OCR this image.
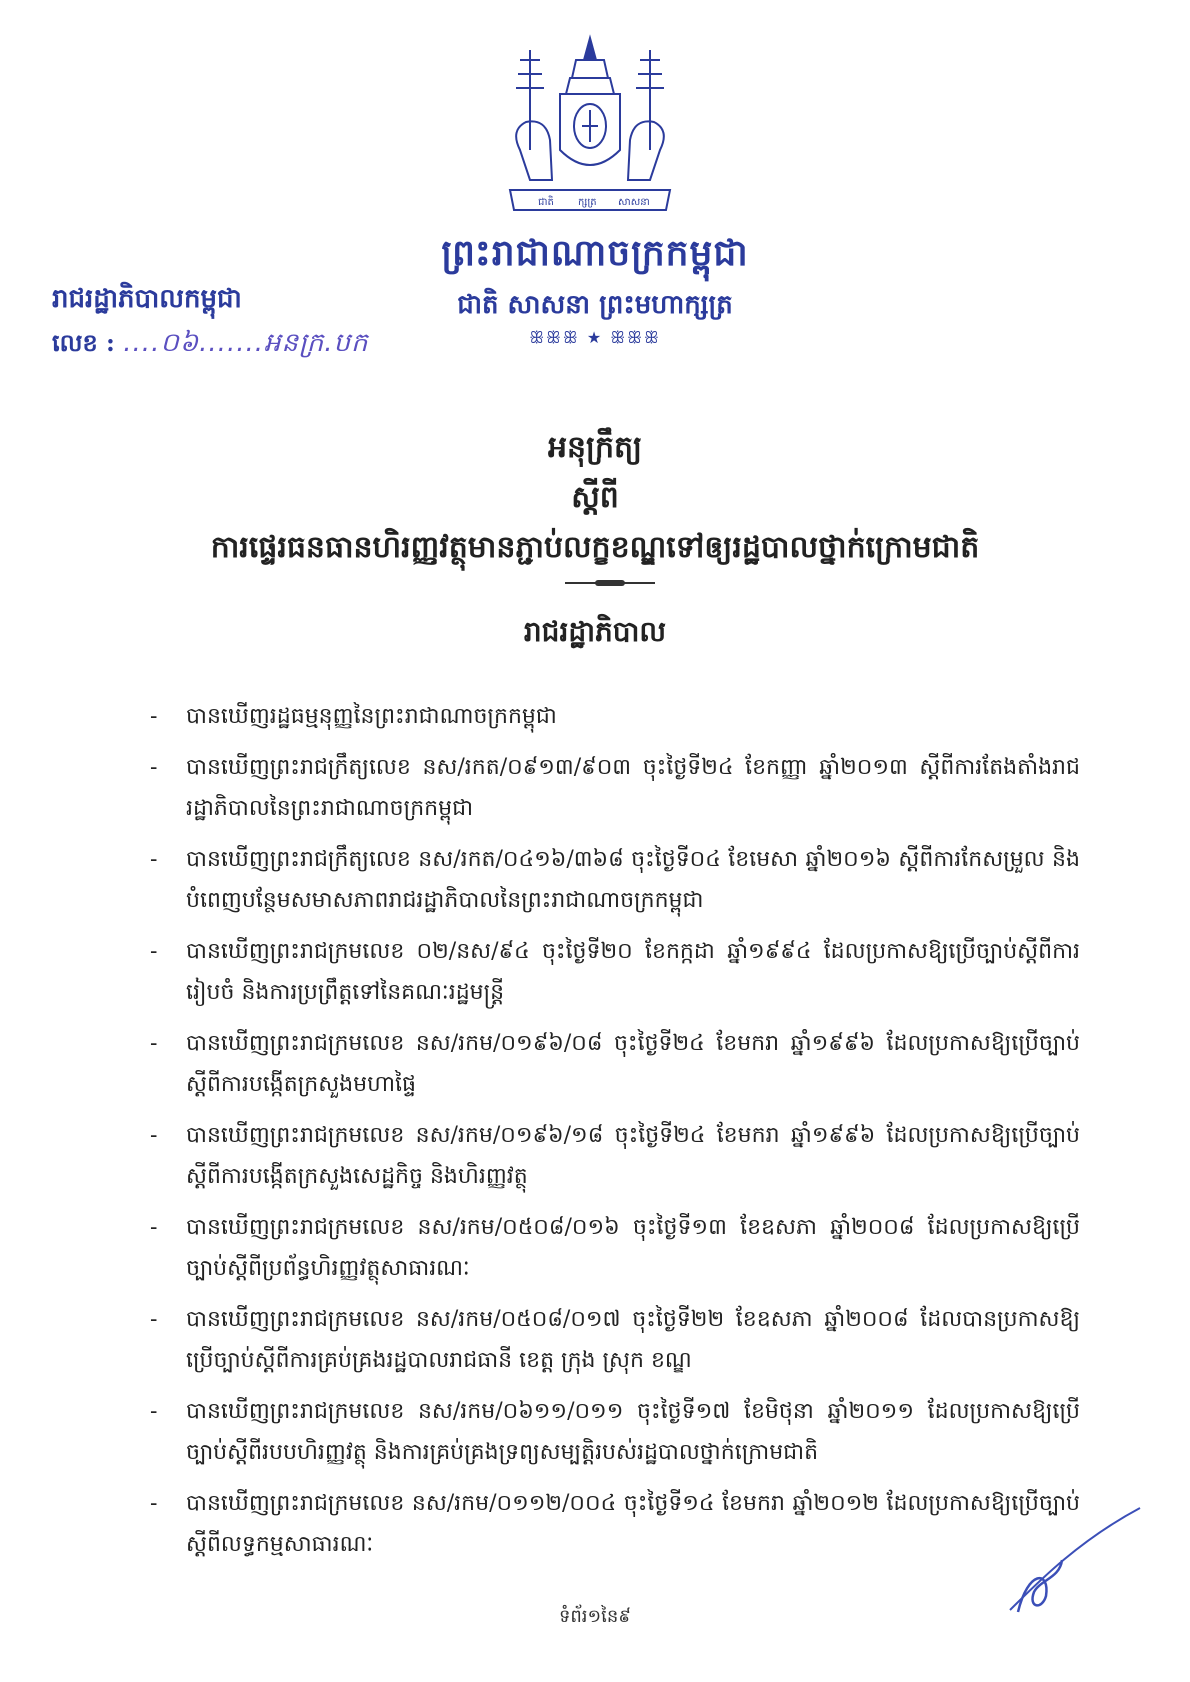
ជាតិ ក្សត្រ សាសនា
ព្រះរាជាណាចក្រកម្ពុជា
ជាតិ សាសនា ព្រះមហាក្សត្រ
ꕥꕥꕥ ★ ꕥꕥꕥ
រាជរដ្ឋាភិបាលកម្ពុជា
លេខ : ....០៦.......អនក្រ.បក
អនុក្រឹត្យ
ស្តីពី
ការផ្ទេរធនធានហិរញ្ញវត្ថុមានភ្ជាប់លក្ខខណ្ឌទៅឲ្យរដ្ឋបាលថ្នាក់ក្រោមជាតិ
រាជរដ្ឋាភិបាល
-	បានឃើញរដ្ឋធម្មនុញ្ញនៃព្រះរាជាណាចក្រកម្ពុជា
-	បានឃើញព្រះរាជក្រឹត្យលេខ នស/រកត/០៩១៣/៩០៣ ចុះថ្ងៃទី២៤ ខែកញ្ញា ឆ្នាំ២០១៣ ស្តីពីការតែងតាំងរាជរដ្ឋាភិបាលនៃព្រះរាជាណាចក្រកម្ពុជា
-	បានឃើញព្រះរាជក្រឹត្យលេខ នស/រកត/០៤១៦/៣៦៨ ចុះថ្ងៃទី០៤ ខែមេសា ឆ្នាំ២០១៦ ស្តីពីការកែសម្រួល និងបំពេញបន្ថែមសមាសភាពរាជរដ្ឋាភិបាលនៃព្រះរាជាណាចក្រកម្ពុជា
-	បានឃើញព្រះរាជក្រមលេខ ០២/នស/៩៤ ចុះថ្ងៃទី២០ ខែកក្កដា ឆ្នាំ១៩៩៤ ដែលប្រកាសឱ្យប្រើច្បាប់ស្តីពីការរៀបចំ និងការប្រព្រឹត្តទៅនៃគណៈរដ្ឋមន្ត្រី
-	បានឃើញព្រះរាជក្រមលេខ នស/រកម/០១៩៦/០៨ ចុះថ្ងៃទី២៤ ខែមករា ឆ្នាំ១៩៩៦ ដែលប្រកាសឱ្យប្រើច្បាប់ស្តីពីការបង្កើតក្រសួងមហាផ្ទៃ
-	បានឃើញព្រះរាជក្រមលេខ នស/រកម/០១៩៦/១៨ ចុះថ្ងៃទី២៤ ខែមករា ឆ្នាំ១៩៩៦ ដែលប្រកាសឱ្យប្រើច្បាប់ស្តីពីការបង្កើតក្រសួងសេដ្ឋកិច្ច និងហិរញ្ញវត្ថុ
-	បានឃើញព្រះរាជក្រមលេខ នស/រកម/០៥០៨/០១៦ ចុះថ្ងៃទី១៣ ខែឧសភា ឆ្នាំ២០០៨ ដែលប្រកាសឱ្យប្រើច្បាប់ស្តីពីប្រព័ន្ធហិរញ្ញវត្ថុសាធារណៈ
-	បានឃើញព្រះរាជក្រមលេខ នស/រកម/០៥០៨/០១៧ ចុះថ្ងៃទី២២ ខែឧសភា ឆ្នាំ២០០៨ ដែលបានប្រកាសឱ្យប្រើច្បាប់ស្តីពីការគ្រប់គ្រងរដ្ឋបាលរាជធានី ខេត្ត ក្រុង ស្រុក ខណ្ឌ
-	បានឃើញព្រះរាជក្រមលេខ នស/រកម/០៦១១/០១១ ចុះថ្ងៃទី១៧ ខែមិថុនា ឆ្នាំ២០១១ ដែលប្រកាសឱ្យប្រើច្បាប់ស្តីពីរបបហិរញ្ញវត្ថុ និងការគ្រប់គ្រងទ្រព្យសម្បត្តិរបស់រដ្ឋបាលថ្នាក់ក្រោមជាតិ
-	បានឃើញព្រះរាជក្រមលេខ នស/រកម/០១១២/០០៤ ចុះថ្ងៃទី១៤ ខែមករា ឆ្នាំ២០១២ ដែលប្រកាសឱ្យប្រើច្បាប់ស្តីពីលទ្ធកម្មសាធារណៈ
ទំព័រ១នៃ៩
